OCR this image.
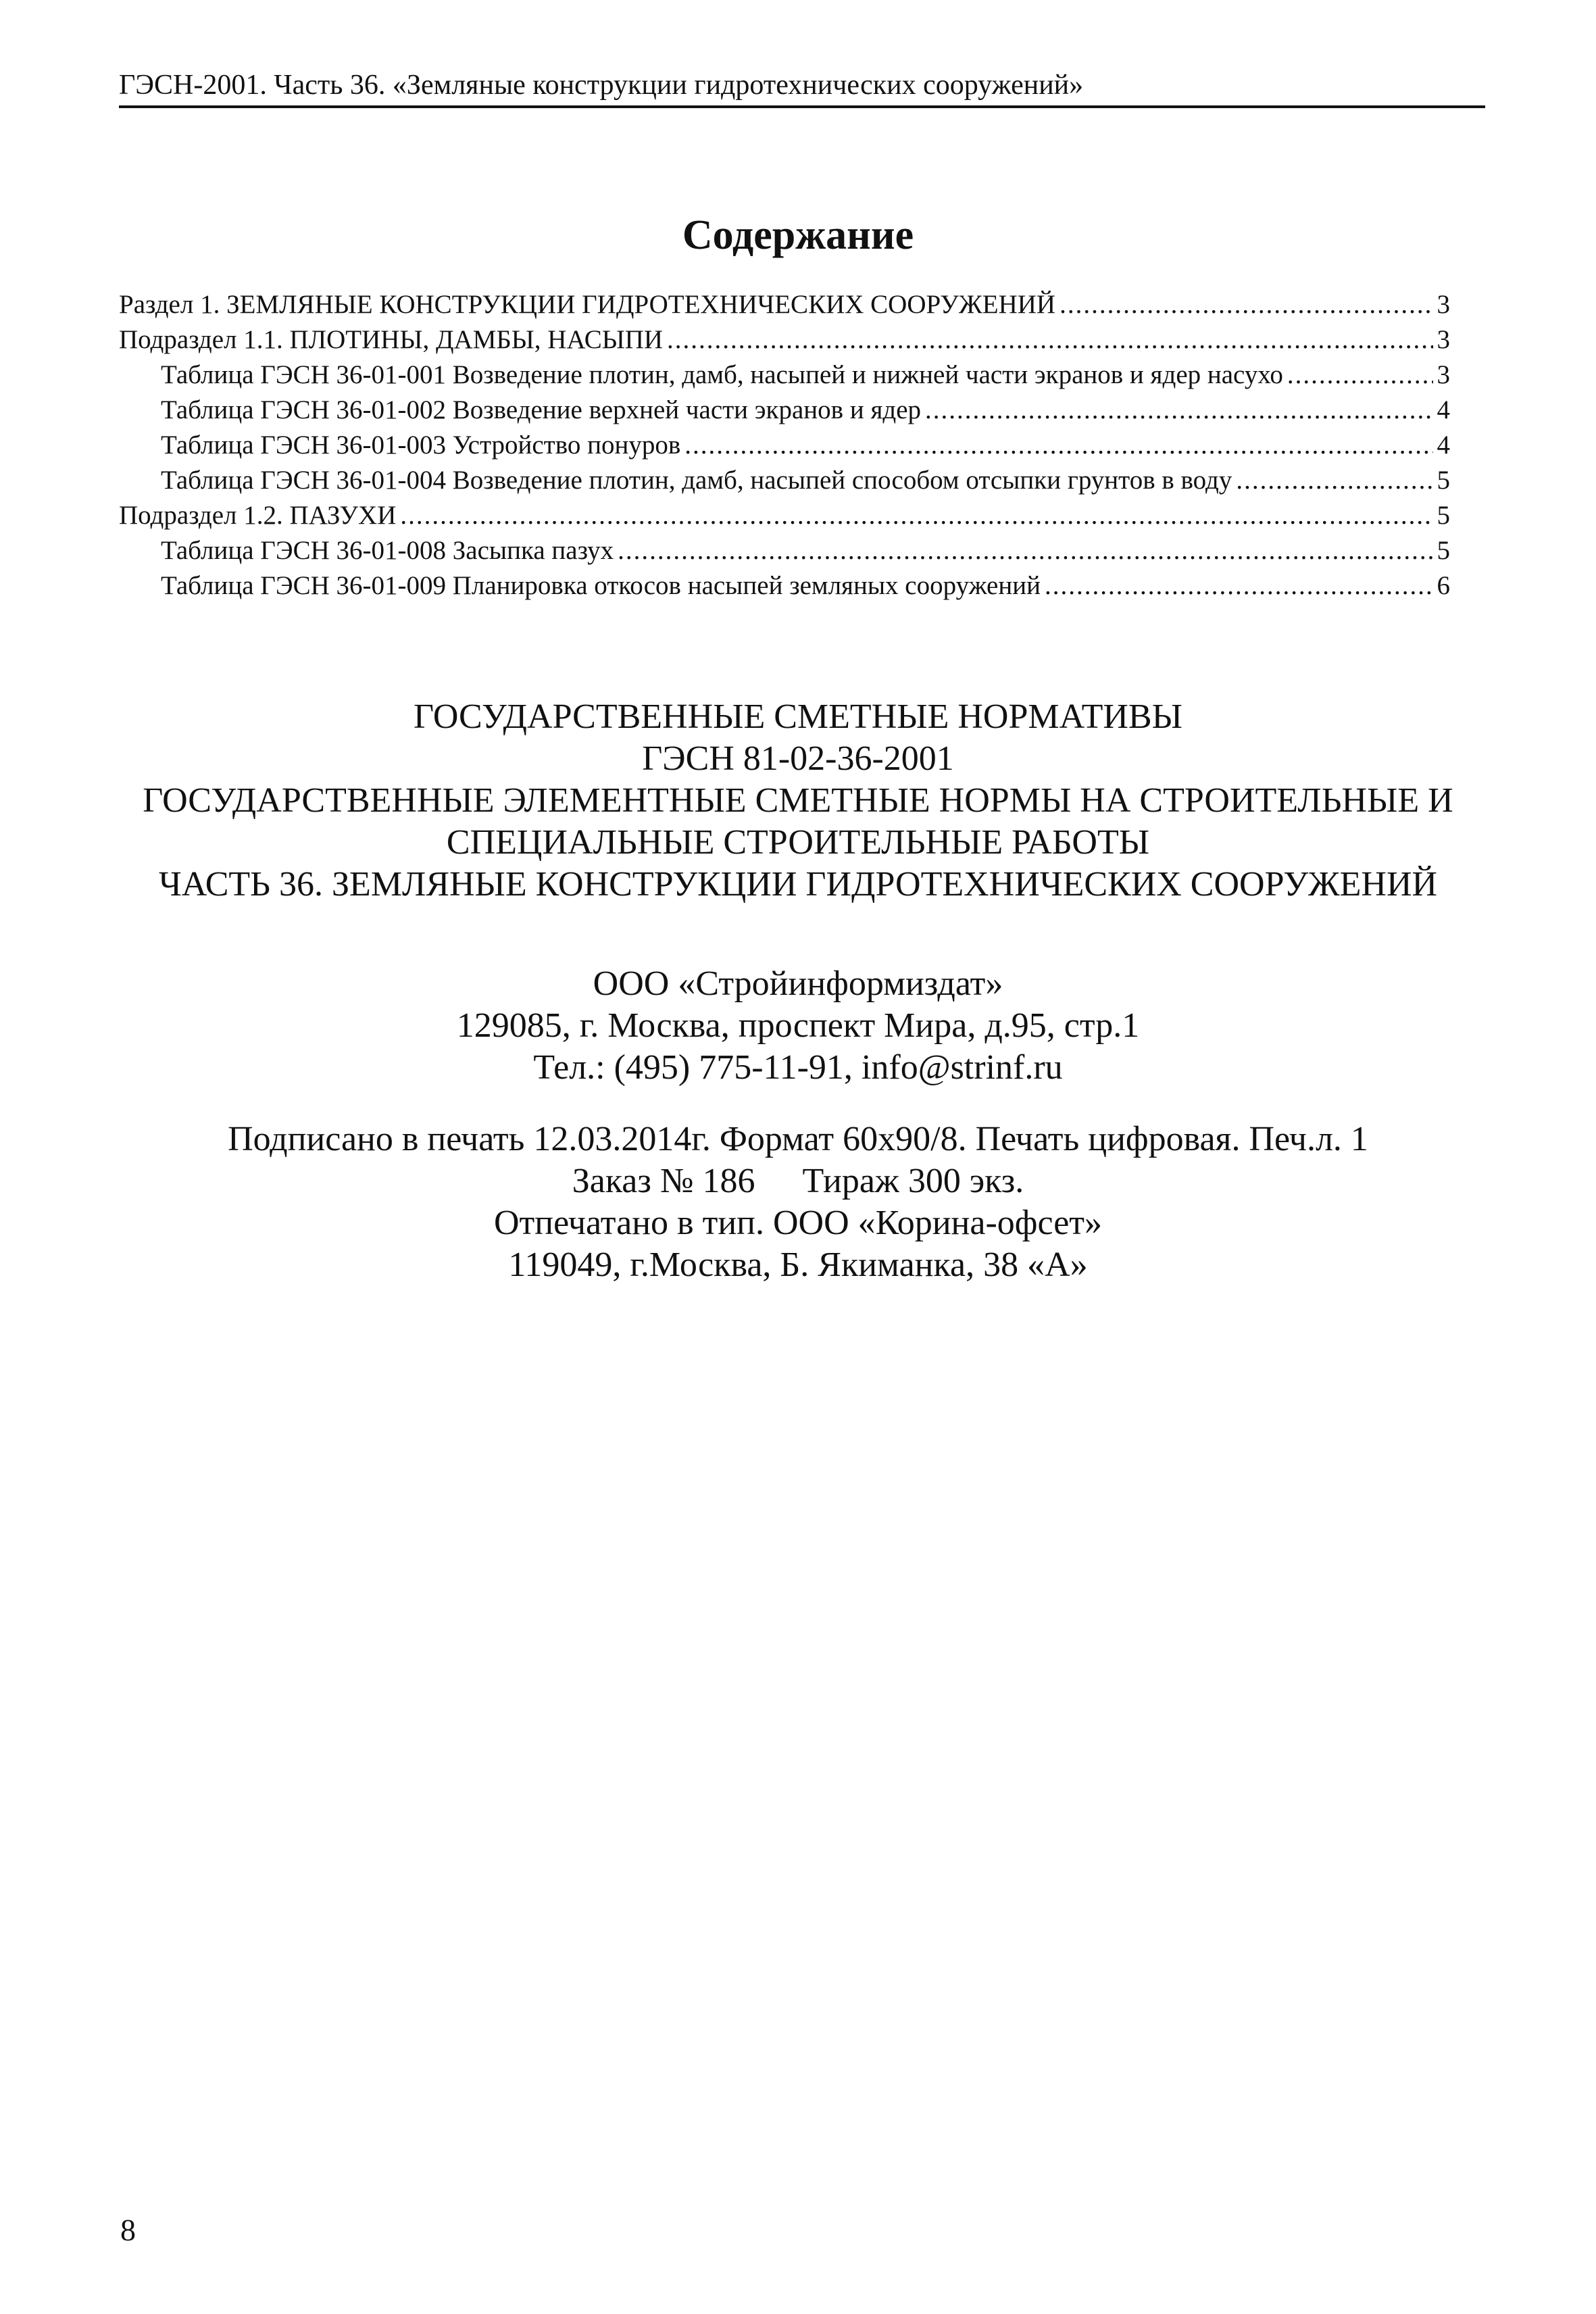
ГЭСН-2001. Часть 36. «Земляные конструкции гидротехнических сооружений»
Содержание
Раздел 1. ЗЕМЛЯНЫЕ КОНСТРУКЦИИ ГИДРОТЕХНИЧЕСКИХ СООРУЖЕНИЙ .....	3
Подраздел 1.1. ПЛОТИНЫ, ДАМБЫ, НАСЫПИ .....	3
Таблица ГЭСН 36-01-001 Возведение плотин, дамб, насыпей и нижней части экранов и ядер насухо .....	3
Таблица ГЭСН 36-01-002 Возведение верхней части экранов и ядер .....	4
Таблица ГЭСН 36-01-003 Устройство понуров .....	4
Таблица ГЭСН 36-01-004 Возведение плотин, дамб, насыпей способом отсыпки грунтов в воду .....	5
Подраздел 1.2. ПАЗУХИ .....	5
Таблица ГЭСН 36-01-008 Засыпка пазух .....	5
Таблица ГЭСН 36-01-009 Планировка откосов насыпей земляных сооружений .....	6
ГОСУДАРСТВЕННЫЕ СМЕТНЫЕ НОРМАТИВЫ
ГЭСН 81-02-36-2001
ГОСУДАРСТВЕННЫЕ ЭЛЕМЕНТНЫЕ СМЕТНЫЕ НОРМЫ НА СТРОИТЕЛЬНЫЕ И
СПЕЦИАЛЬНЫЕ СТРОИТЕЛЬНЫЕ РАБОТЫ
ЧАСТЬ 36. ЗЕМЛЯНЫЕ КОНСТРУКЦИИ ГИДРОТЕХНИЧЕСКИХ СООРУЖЕНИЙ
ООО «Стройинформиздат»
129085, г. Москва, проспект Мира, д.95, стр.1
Тел.: (495) 775-11-91, info@strinf.ru
Подписано в печать 12.03.2014г. Формат 60x90/8. Печать цифровая. Печ.л. 1
Заказ № 186 Тираж 300 экз.
Отпечатано в тип. ООО «Корина-офсет»
119049, г.Москва, Б. Якиманка, 38 «А»
8
